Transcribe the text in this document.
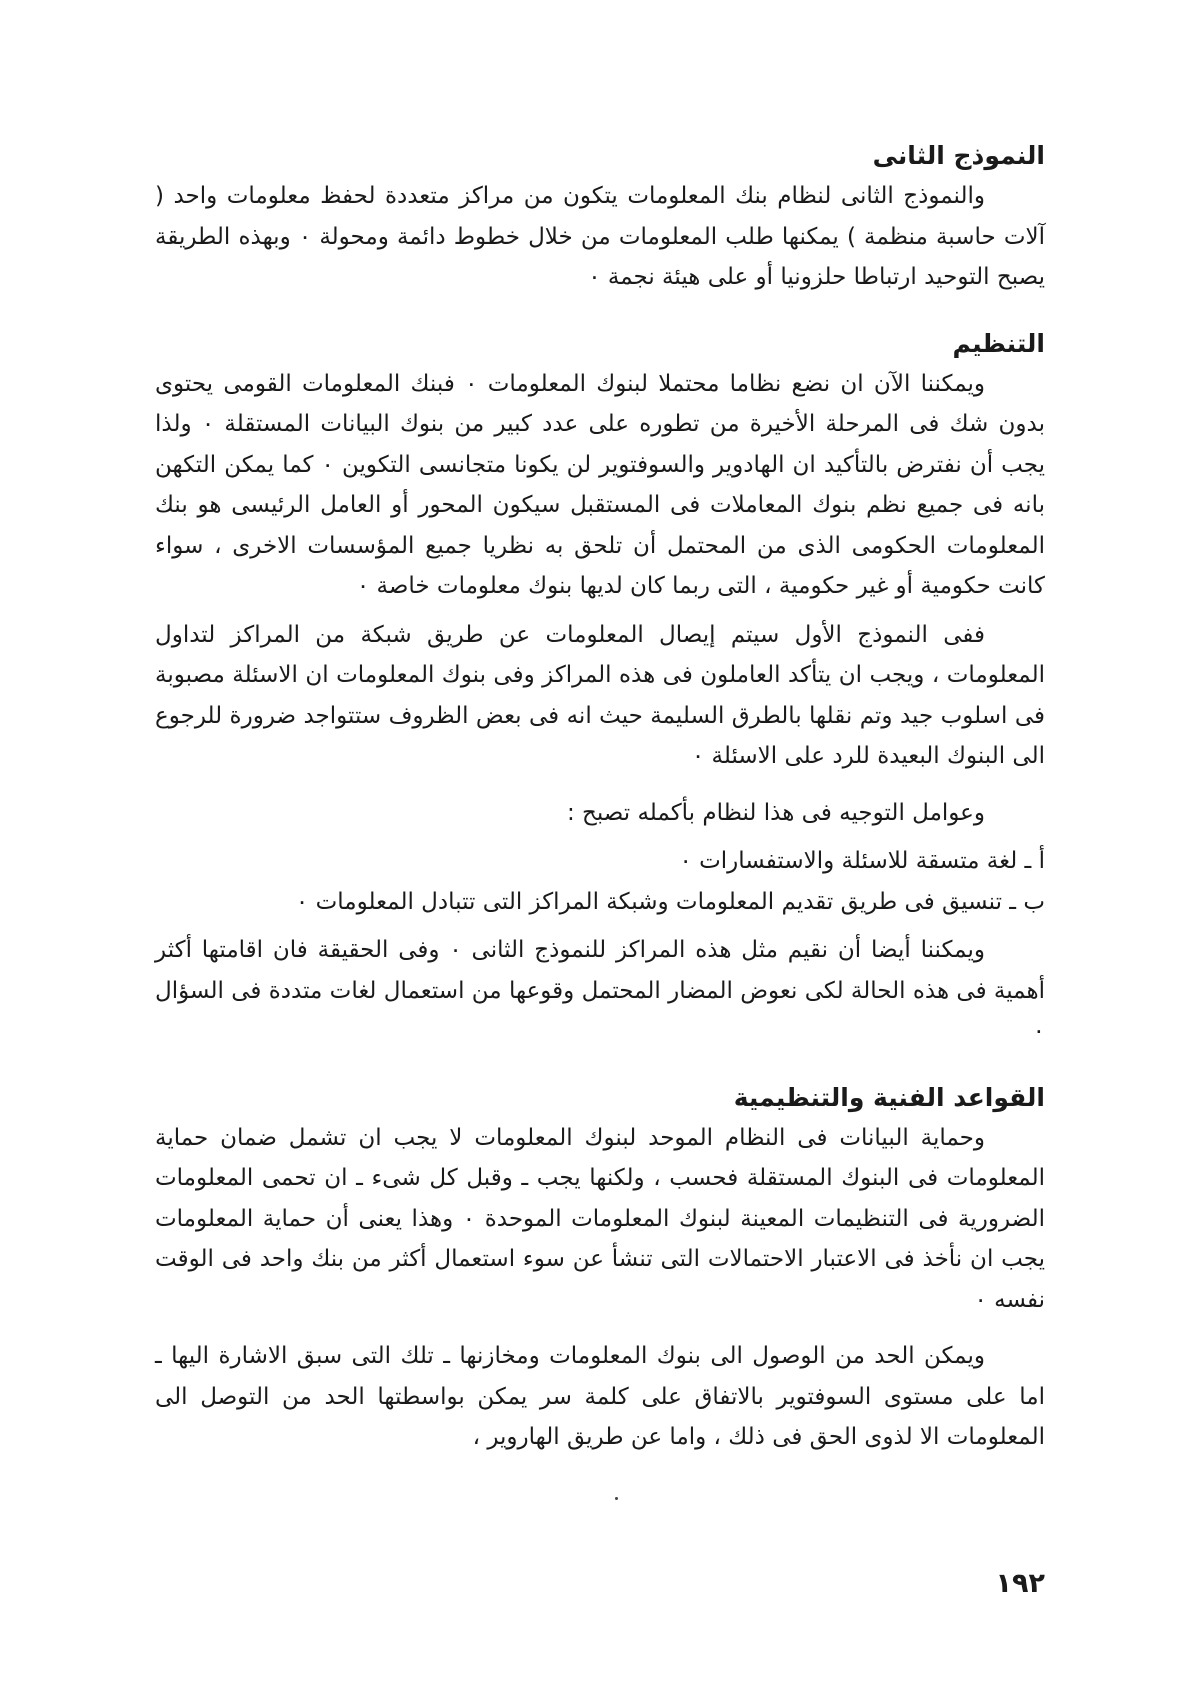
النموذج الثانى

والنموذج الثانى لنظام بنك المعلومات يتكون من مراكز متعددة لحفظ معلومات واحد ( آلات حاسبة منظمة ) يمكنها طلب المعلومات من خلال خطوط دائمة ومحولة ٠ وبهذه الطريقة يصبح التوحيد ارتباطا حلزونيا أو على هيئة نجمة ٠

التنظيم

ويمكننا الآن ان نضع نظاما محتملا لبنوك المعلومات ٠ فبنك المعلومات القومى يحتوى بدون شك فى المرحلة الأخيرة من تطوره على عدد كبير من بنوك البيانات المستقلة ٠ ولذا يجب أن نفترض بالتأكيد ان الهادوير والسوفتوير لن يكونا متجانسى التكوين ٠ كما يمكن التكهن بانه فى جميع نظم بنوك المعاملات فى المستقبل سيكون المحور أو العامل الرئيسى هو بنك المعلومات الحكومى الذى من المحتمل أن تلحق به نظريا جميع المؤسسات الاخرى ، سواء كانت حكومية أو غير حكومية ، التى ربما كان لديها بنوك معلومات خاصة ٠

ففى النموذج الأول سيتم إيصال المعلومات عن طريق شبكة من المراكز لتداول المعلومات ، ويجب ان يتأكد العاملون فى هذه المراكز وفى بنوك المعلومات ان الاسئلة مصبوبة فى اسلوب جيد وتم نقلها بالطرق السليمة حيث انه فى بعض الظروف ستتواجد ضرورة للرجوع الى البنوك البعيدة للرد على الاسئلة ٠

وعوامل التوجيه فى هذا لنظام بأكمله تصبح :

أ ـ لغة متسقة للاسئلة والاستفسارات ٠

ب ـ تنسيق فى طريق تقديم المعلومات وشبكة المراكز التى تتبادل المعلومات ٠

ويمكننا أيضا أن نقيم مثل هذه المراكز للنموذج الثانى ٠ وفى الحقيقة فان اقامتها أكثر أهمية فى هذه الحالة لكى نعوض المضار المحتمل وقوعها من استعمال لغات متددة فى السؤال ٠

القواعد الفنية والتنظيمية

وحماية البيانات فى النظام الموحد لبنوك المعلومات لا يجب ان تشمل ضمان حماية المعلومات فى البنوك المستقلة فحسب ، ولكنها يجب ـ وقبل كل شىء ـ ان تحمى المعلومات الضرورية فى التنظيمات المعينة لبنوك المعلومات الموحدة ٠ وهذا يعنى أن حماية المعلومات يجب ان نأخذ فى الاعتبار الاحتمالات التى تنشأ عن سوء استعمال أكثر من بنك واحد فى الوقت نفسه ٠

ويمكن الحد من الوصول الى بنوك المعلومات ومخازنها ـ تلك التى سبق الاشارة اليها ـ اما على مستوى السوفتوير بالاتفاق على كلمة سر يمكن بواسطتها الحد من التوصل الى المعلومات الا لذوى الحق فى ذلك ، واما عن طريق الهاروير ،

١٩٢
